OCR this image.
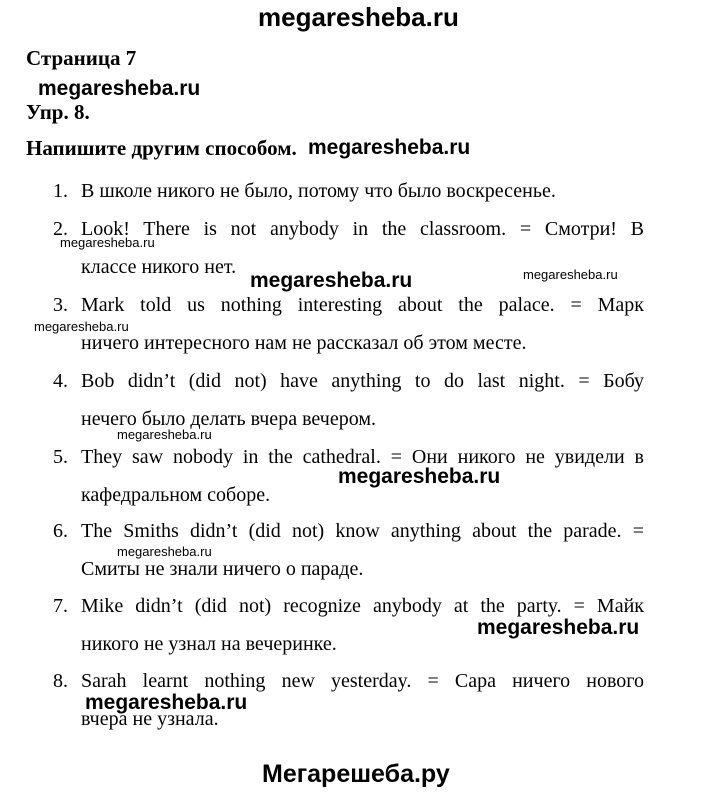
megaresheba.ru
megaresheba.ru
megaresheba.ru
megaresheba.ru
megaresheba.ru	megaresheba.ru
megaresheba.ru
megaresheba.ru
megaresheba.ru
megaresheba.ru
megaresheba.ru
megaresheba.ru
Мегарешеба.ру
Страница 7
Упр. 8.
Напишите другим способом.
1. В школе никого не было, потому что было воскресенье.
2. Look! There is not anybody in the classroom. = Смотри! В
классе никого нет.
3. Mark told us nothing interesting about the palace. = Марк
ничего интересного нам не рассказал об этом месте.
4. Bob didn’t (did not) have anything to do last night. = Бобу
нечего было делать вчера вечером.
5. They saw nobody in the cathedral. = Они никого не увидели в
кафедральном соборе.
6. The Smiths didn’t (did not) know anything about the parade. =
Смиты не знали ничего о параде.
7. Mike didn’t (did not) recognize anybody at the party. = Майк
никого не узнал на вечеринке.
8. Sarah learnt nothing new yesterday. = Сара ничего нового
вчера не узнала.
